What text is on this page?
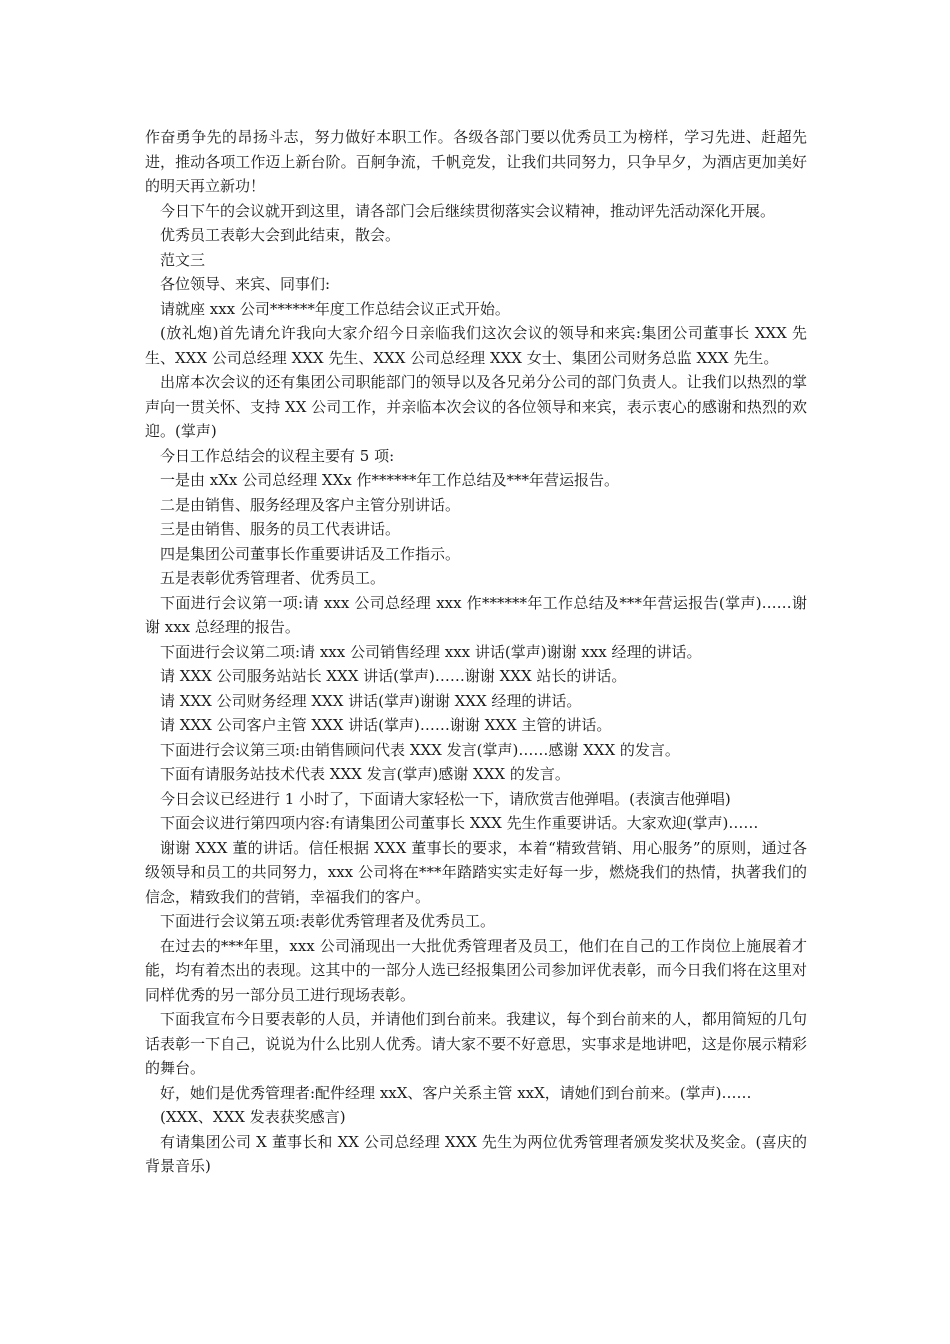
作奋勇争先的昂扬斗志，努力做好本职工作。各级各部门要以优秀员工为榜样，学习先进、赶超先进，推动各项工作迈上新台阶。百舸争流，千帆竞发，让我们共同努力，只争早夕，为酒店更加美好的明天再立新功！

今日下午的会议就开到这里，请各部门会后继续贯彻落实会议精神，推动评先活动深化开展。

优秀员工表彰大会到此结束，散会。

范文三

各位领导、来宾、同事们:

请就座 xxx 公司******年度工作总结会议正式开始。

(放礼炮)首先请允许我向大家介绍今日亲临我们这次会议的领导和来宾:集团公司董事长 XXX 先生、XXX 公司总经理 XXX 先生、XXX 公司总经理 XXX 女士、集团公司财务总监 XXX 先生。

出席本次会议的还有集团公司职能部门的领导以及各兄弟分公司的部门负责人。让我们以热烈的掌声向一贯关怀、支持 XX 公司工作，并亲临本次会议的各位领导和来宾，表示衷心的感谢和热烈的欢迎。(掌声)

今日工作总结会的议程主要有 5 项:

一是由 xXx 公司总经理 XXx 作******年工作总结及***年营运报告。

二是由销售、服务经理及客户主管分别讲话。

三是由销售、服务的员工代表讲话。

四是集团公司董事长作重要讲话及工作指示。

五是表彰优秀管理者、优秀员工。

下面进行会议第一项:请 xxx 公司总经理 xxx 作******年工作总结及***年营运报告(掌声)……谢谢 xxx 总经理的报告。

下面进行会议第二项:请 xxx 公司销售经理 xxx 讲话(掌声)谢谢 xxx 经理的讲话。

请 XXX 公司服务站站长 XXX 讲话(掌声)……谢谢 XXX 站长的讲话。

请 XXX 公司财务经理 XXX 讲话(掌声)谢谢 XXX 经理的讲话。

请 XXX 公司客户主管 XXX 讲话(掌声)……谢谢 XXX 主管的讲话。

下面进行会议第三项:由销售顾问代表 XXX 发言(掌声)……感谢 XXX 的发言。

下面有请服务站技术代表 XXX 发言(掌声)感谢 XXX 的发言。

今日会议已经进行 1 小时了，下面请大家轻松一下，请欣赏吉他弹唱。(表演吉他弹唱)

下面会议进行第四项内容:有请集团公司董事长 XXX 先生作重要讲话。大家欢迎(掌声)……

谢谢 XXX 董的讲话。信任根据 XXX 董事长的要求，本着“精致营销、用心服务”的原则，通过各级领导和员工的共同努力，xxx 公司将在***年踏踏实实走好每一步，燃烧我们的热情，执著我们的信念，精致我们的营销，幸福我们的客户。

下面进行会议第五项:表彰优秀管理者及优秀员工。

在过去的***年里，xxx 公司涌现出一大批优秀管理者及员工，他们在自己的工作岗位上施展着才能，均有着杰出的表现。这其中的一部分人选已经报集团公司参加评优表彰，而今日我们将在这里对同样优秀的另一部分员工进行现场表彰。

下面我宣布今日要表彰的人员，并请他们到台前来。我建议，每个到台前来的人，都用简短的几句话表彰一下自己，说说为什么比别人优秀。请大家不要不好意思，实事求是地讲吧，这是你展示精彩的舞台。

好，她们是优秀管理者:配件经理 xxX、客户关系主管 xxX，请她们到台前来。(掌声)……

(XXX、XXX 发表获奖感言)

有请集团公司 X 董事长和 XX 公司总经理 XXX 先生为两位优秀管理者颁发奖状及奖金。(喜庆的背景音乐)
